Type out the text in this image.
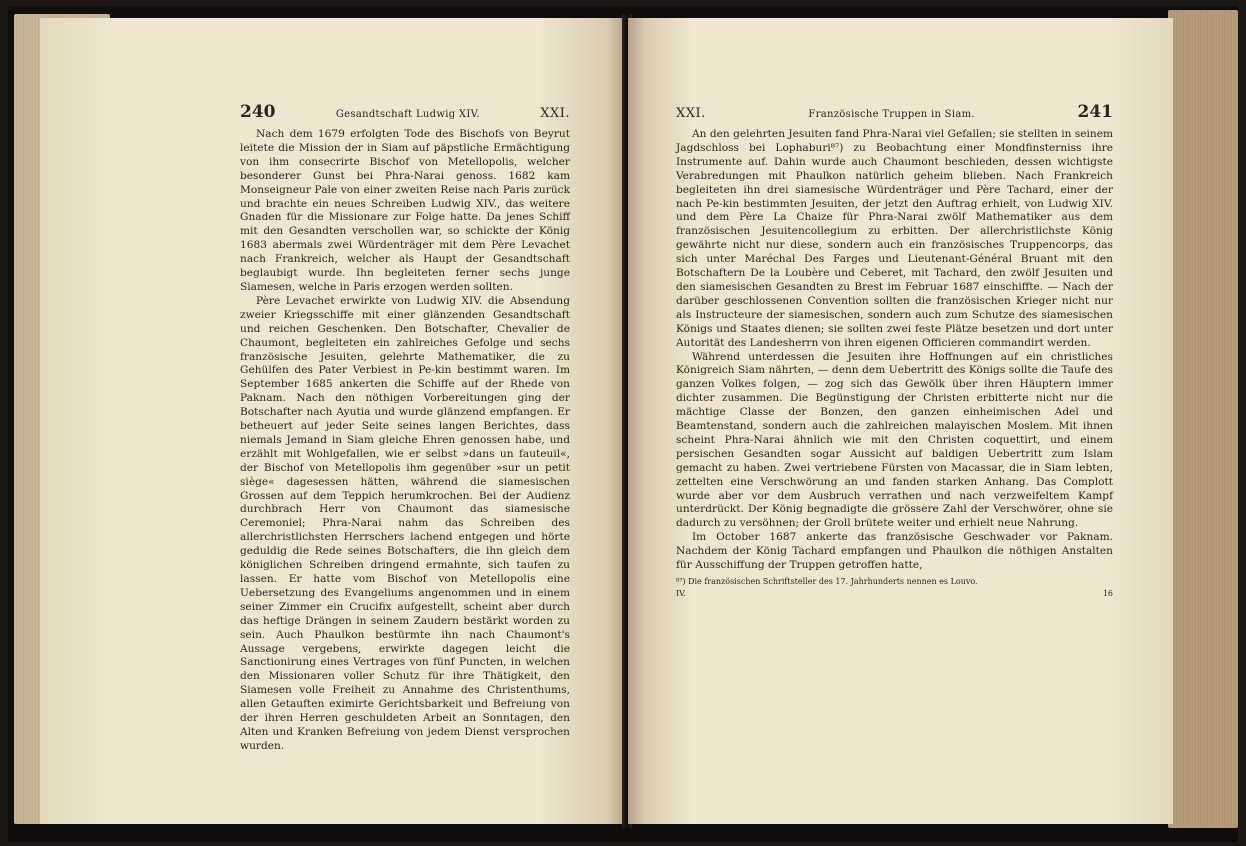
240	Gesandtschaft Ludwig XIV.	XXI.

Nach dem 1679 erfolgten Tode des Bischofs von Beyrut leitete die Mission der in Siam auf päpstliche Ermächtigung von ihm consecrirte Bischof von Metellopolis, welcher besonderer Gunst bei Phra-Narai genoss. 1682 kam Monseigneur Pale von einer zweiten Reise nach Paris zurück und brachte ein neues Schreiben Ludwig XIV., das weitere Gnaden für die Missionare zur Folge hatte. Da jenes Schiff mit den Gesandten verschollen war, so schickte der König 1683 abermals zwei Würdenträger mit dem Père Levachet nach Frankreich, welcher als Haupt der Gesandtschaft beglaubigt wurde. Ihn begleiteten ferner sechs junge Siamesen, welche in Paris erzogen werden sollten.

Père Levachet erwirkte von Ludwig XIV. die Absendung zweier Kriegsschiffe mit einer glänzenden Gesandtschaft und reichen Geschenken. Den Botschafter, Chevalier de Chaumont, begleiteten ein zahlreiches Gefolge und sechs französische Jesuiten, gelehrte Mathematiker, die zu Gehülfen des Pater Verbiest in Pe-kin bestimmt waren. Im September 1685 ankerten die Schiffe auf der Rhede von Paknam. Nach den nöthigen Vorbereitungen ging der Botschafter nach Ayutia und wurde glänzend empfangen. Er betheuert auf jeder Seite seines langen Berichtes, dass niemals Jemand in Siam gleiche Ehren genossen habe, und erzählt mit Wohlgefallen, wie er selbst »dans un fauteuil«, der Bischof von Metellopolis ihm gegenüber »sur un petit siège« dagesessen hätten, während die siamesischen Grossen auf dem Teppich herumkrochen. Bei der Audienz durchbrach Herr von Chaumont das siamesische Ceremoniel; Phra-Narai nahm das Schreiben des allerchristlichsten Herrschers lachend entgegen und hörte geduldig die Rede seines Botschafters, die ihn gleich dem königlichen Schreiben dringend ermahnte, sich taufen zu lassen. Er hatte vom Bischof von Metellopolis eine Uebersetzung des Evangeliums angenommen und in einem seiner Zimmer ein Crucifix aufgestellt, scheint aber durch das heftige Drängen in seinem Zaudern bestärkt worden zu sein. Auch Phaulkon bestürmte ihn nach Chaumont's Aussage vergebens, erwirkte dagegen leicht die Sanctionirung eines Vertrages von fünf Puncten, in welchen den Missionaren voller Schutz für ihre Thätigkeit, den Siamesen volle Freiheit zu Annahme des Christenthums, allen Getauften eximirte Gerichtsbarkeit und Befreiung von der ihren Herren geschuldeten Arbeit an Sonntagen, den Alten und Kranken Befreiung von jedem Dienst versprochen wurden.

XXI.	Französische Truppen in Siam.	241

An den gelehrten Jesuiten fand Phra-Narai viel Gefallen; sie stellten in seinem Jagdschloss bei Lophaburi⁸⁷) zu Beobachtung einer Mondfinsterniss ihre Instrumente auf. Dahin wurde auch Chaumont beschieden, dessen wichtigste Verabredungen mit Phaulkon natürlich geheim blieben. Nach Frankreich begleiteten ihn drei siamesische Würdenträger und Père Tachard, einer der nach Pe-kin bestimmten Jesuiten, der jetzt den Auftrag erhielt, von Ludwig XIV. und dem Père La Chaize für Phra-Narai zwölf Mathematiker aus dem französischen Jesuitencollegium zu erbitten. Der allerchristlichste König gewährte nicht nur diese, sondern auch ein französisches Truppencorps, das sich unter Maréchal Des Farges und Lieutenant-Général Bruant mit den Botschaftern De la Loubère und Ceberet, mit Tachard, den zwölf Jesuiten und den siamesischen Gesandten zu Brest im Februar 1687 einschiffte. — Nach der darüber geschlossenen Convention sollten die französischen Krieger nicht nur als Instructeure der siamesischen, sondern auch zum Schutze des siamesischen Königs und Staates dienen; sie sollten zwei feste Plätze besetzen und dort unter Autorität des Landesherrn von ihren eigenen Officieren commandirt werden.

Während unterdessen die Jesuiten ihre Hoffnungen auf ein christliches Königreich Siam nährten, — denn dem Uebertritt des Königs sollte die Taufe des ganzen Volkes folgen, — zog sich das Gewölk über ihren Häuptern immer dichter zusammen. Die Begünstigung der Christen erbitterte nicht nur die mächtige Classe der Bonzen, den ganzen einheimischen Adel und Beamtenstand, sondern auch die zahlreichen malayischen Moslem. Mit ihnen scheint Phra-Narai ähnlich wie mit den Christen coquettirt, und einem persischen Gesandten sogar Aussicht auf baldigen Uebertritt zum Islam gemacht zu haben. Zwei vertriebene Fürsten von Macassar, die in Siam lebten, zettelten eine Verschwörung an und fanden starken Anhang. Das Complott wurde aber vor dem Ausbruch verrathen und nach verzweifeltem Kampf unterdrückt. Der König begnadigte die grössere Zahl der Verschwörer, ohne sie dadurch zu versöhnen; der Groll brütete weiter und erhielt neue Nahrung.

Im October 1687 ankerte das französische Geschwader vor Paknam. Nachdem der König Tachard empfangen und Phaulkon die nöthigen Anstalten für Ausschiffung der Truppen getroffen hatte,

⁸⁷) Die französischen Schriftsteller des 17. Jahrhunderts nennen es Louvo.
IV.	16
